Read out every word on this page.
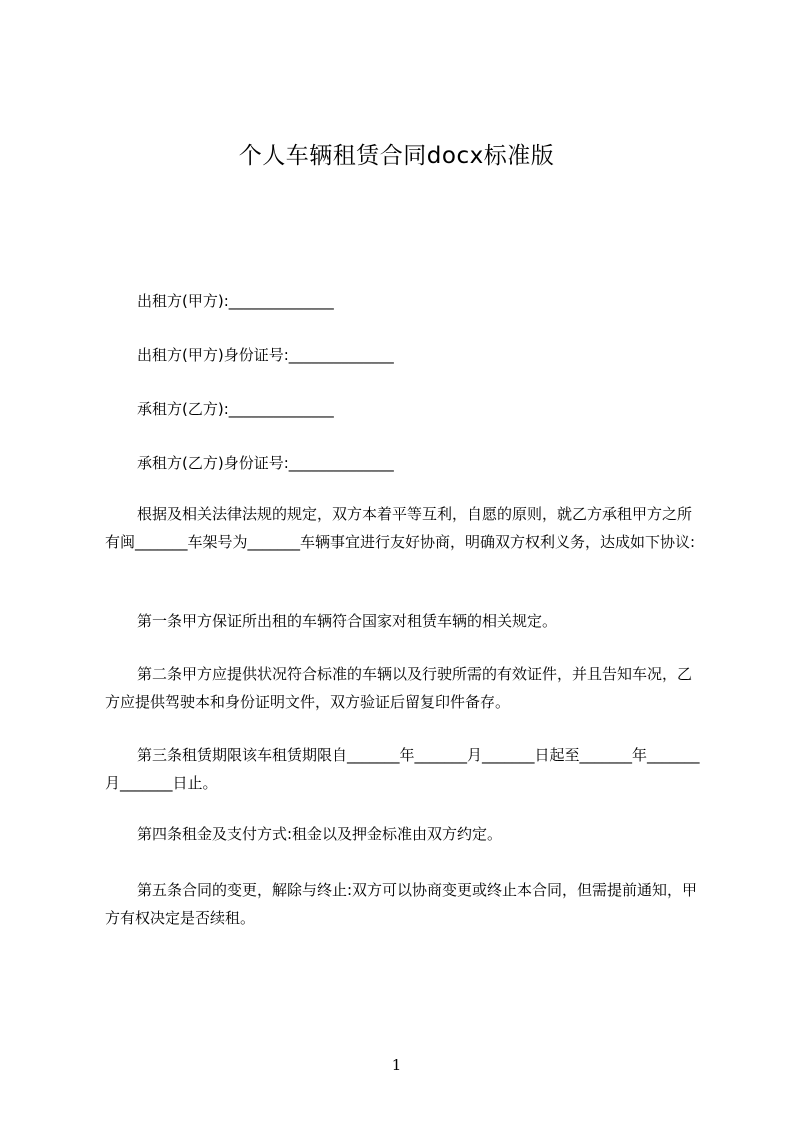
个人车辆租赁合同docx标准版

出租方(甲方):______________

出租方(甲方)身份证号:______________

承租方(乙方):______________

承租方(乙方)身份证号:______________

根据及相关法律法规的规定，双方本着平等互利，自愿的原则，就乙方承租甲方之所有闽_______车架号为_______车辆事宜进行友好协商，明确双方权利义务，达成如下协议:

第一条甲方保证所出租的车辆符合国家对租赁车辆的相关规定。

第二条甲方应提供状况符合标准的车辆以及行驶所需的有效证件，并且告知车况，乙方应提供驾驶本和身份证明文件，双方验证后留复印件备存。

第三条租赁期限该车租赁期限自_______年_______月_______日起至_______年_______月_______日止。

第四条租金及支付方式:租金以及押金标准由双方约定。

第五条合同的变更，解除与终止:双方可以协商变更或终止本合同，但需提前通知，甲方有权决定是否续租。

1
